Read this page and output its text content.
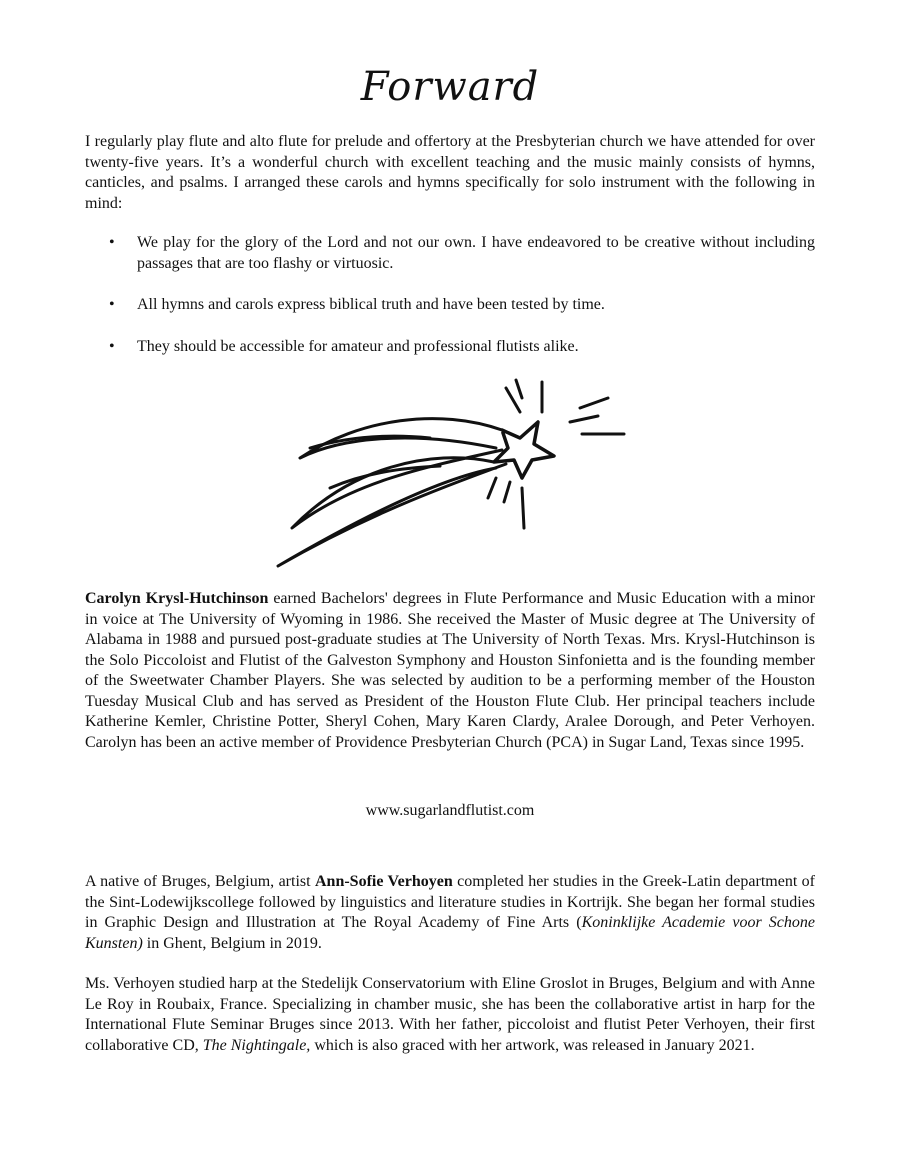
Forward

I regularly play flute and alto flute for prelude and offertory at the Presbyterian church we have attended for over twenty-five years. It’s a wonderful church with excellent teaching and the music mainly consists of hymns, canticles, and psalms. I arranged these carols and hymns specifically for solo instrument with the following in mind:

• We play for the glory of the Lord and not our own. I have endeavored to be creative without including passages that are too flashy or virtuosic.
• All hymns and carols express biblical truth and have been tested by time.
• They should be accessible for amateur and professional flutists alike.

Carolyn Krysl-Hutchinson earned Bachelors' degrees in Flute Performance and Music Education with a minor in voice at The University of Wyoming in 1986. She received the Master of Music degree at The University of Alabama in 1988 and pursued post-graduate studies at The University of North Texas. Mrs. Krysl-Hutchinson is the Solo Piccoloist and Flutist of the Galveston Symphony and Houston Sinfonietta and is the founding member of the Sweetwater Chamber Players. She was selected by audition to be a performing member of the Houston Tuesday Musical Club and has served as President of the Houston Flute Club. Her principal teachers include Katherine Kemler, Christine Potter, Sheryl Cohen, Mary Karen Clardy, Aralee Dorough, and Peter Verhoyen. Carolyn has been an active member of Providence Presbyterian Church (PCA) in Sugar Land, Texas since 1995.

www.sugarlandflutist.com

A native of Bruges, Belgium, artist Ann-Sofie Verhoyen completed her studies in the Greek-Latin department of the Sint-Lodewijkscollege followed by linguistics and literature studies in Kortrijk. She began her formal studies in Graphic Design and Illustration at The Royal Academy of Fine Arts (Koninklijke Academie voor Schone Kunsten) in Ghent, Belgium in 2019.

Ms. Verhoyen studied harp at the Stedelijk Conservatorium with Eline Groslot in Bruges, Belgium and with Anne Le Roy in Roubaix, France. Specializing in chamber music, she has been the collaborative artist in harp for the International Flute Seminar Bruges since 2013. With her father, piccoloist and flutist Peter Verhoyen, their first collaborative CD, The Nightingale, which is also graced with her artwork, was released in January 2021.
